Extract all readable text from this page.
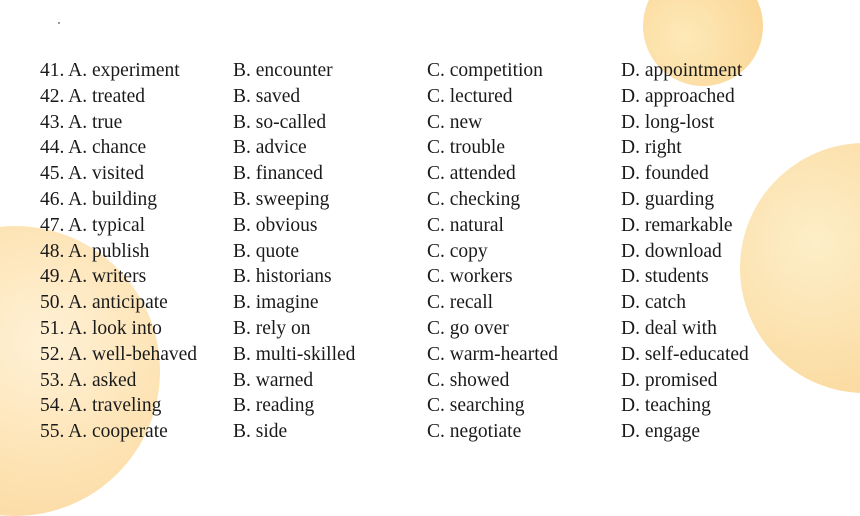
41. A. experiment	B. encounter	C. competition	D. appointment
42. A. treated	B. saved	C. lectured	D. approached
43. A. true	B. so-called	C. new	D. long-lost
44. A. chance	B. advice	C. trouble	D. right
45. A. visited	B. financed	C. attended	D. founded
46. A. building	B. sweeping	C. checking	D. guarding
47. A. typical	B. obvious	C. natural	D. remarkable
48. A. publish	B. quote	C. copy	D. download
49. A. writers	B. historians	C. workers	D. students
50. A. anticipate	B. imagine	C. recall	D. catch
51. A. look into	B. rely on	C. go over	D. deal with
52. A. well-behaved	B. multi-skilled	C. warm-hearted	D. self-educated
53. A. asked	B. warned	C. showed	D. promised
54. A. traveling	B. reading	C. searching	D. teaching
55. A. cooperate	B. side	C. negotiate	D. engage
